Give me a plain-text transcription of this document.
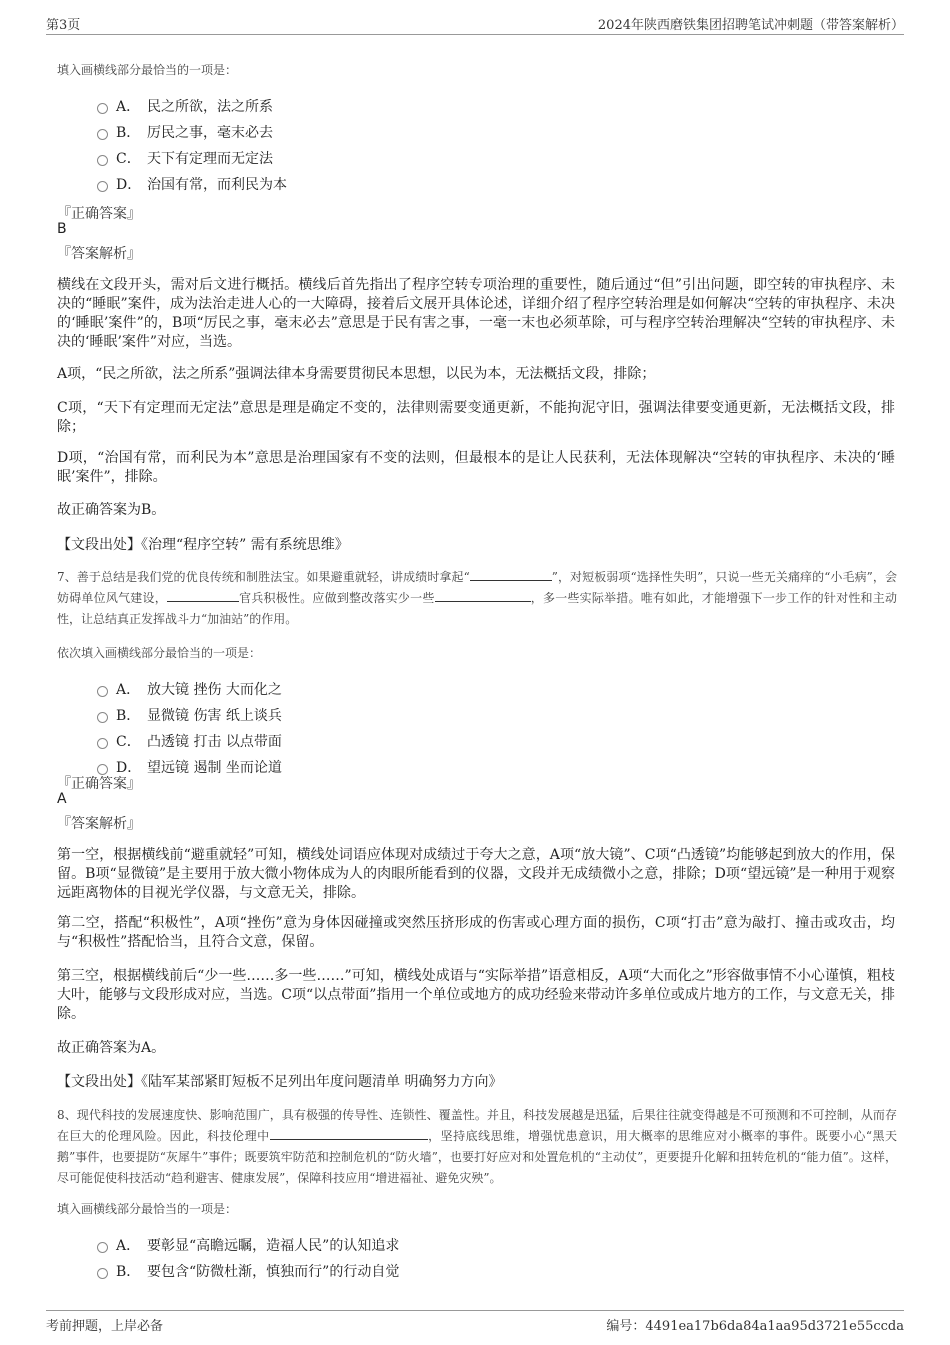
第3页	2024年陕西磨铁集团招聘笔试冲刺题（带答案解析）
填入画横线部分最恰当的一项是：
A． 民之所欲，法之所系
B． 厉民之事，毫末必去
C． 天下有定理而无定法
D． 治国有常，而利民为本
『正确答案』
B
『答案解析』
横线在文段开头，需对后文进行概括。横线后首先指出了程序空转专项治理的重要性，随后通过“但”引出问题，即空转的审执程序、未决的“睡眠”案件，成为法治走进人心的一大障碍，接着后文展开具体论述，详细介绍了程序空转治理是如何解决“空转的审执程序、未决的‘睡眠’案件”的，B项“厉民之事，毫末必去”意思是于民有害之事，一毫一末也必须革除，可与程序空转治理解决“空转的审执程序、未决的‘睡眠’案件”对应，当选。
A项，“民之所欲，法之所系”强调法律本身需要贯彻民本思想，以民为本，无法概括文段，排除；
C项，“天下有定理而无定法”意思是理是确定不变的，法律则需要变通更新，不能拘泥守旧，强调法律要变通更新，无法概括文段，排除；
D项，“治国有常，而利民为本”意思是治理国家有不变的法则，但最根本的是让人民获利，无法体现解决“空转的审执程序、未决的‘睡眠’案件”，排除。
故正确答案为B。
【文段出处】《治理“程序空转” 需有系统思维》
7、善于总结是我们党的优良传统和制胜法宝。如果避重就轻，讲成绩时拿起“	”，对短板弱项“选择性失明”，只说一些无关痛痒的“小毛病”，会妨碍单位风气建设，	官兵积极性。应做到整改落实少一些	，多一些实际举措。唯有如此，才能增强下一步工作的针对性和主动性，让总结真正发挥战斗力“加油站”的作用。
依次填入画横线部分最恰当的一项是：
A． 放大镜 挫伤 大而化之
B． 显微镜 伤害 纸上谈兵
C． 凸透镜 打击 以点带面
D． 望远镜 遏制 坐而论道
『正确答案』
A
『答案解析』
第一空，根据横线前“避重就轻”可知，横线处词语应体现对成绩过于夸大之意，A项“放大镜”、C项“凸透镜”均能够起到放大的作用，保留。B项“显微镜”是主要用于放大微小物体成为人的肉眼所能看到的仪器，文段并无成绩微小之意，排除；D项“望远镜”是一种用于观察远距离物体的目视光学仪器，与文意无关，排除。
第二空，搭配“积极性”，A项“挫伤”意为身体因碰撞或突然压挤形成的伤害或心理方面的损伤，C项“打击”意为敲打、撞击或攻击，均与“积极性”搭配恰当，且符合文意，保留。
第三空，根据横线前后“少一些……多一些……”可知，横线处成语与“实际举措”语意相反，A项“大而化之”形容做事情不小心谨慎，粗枝大叶，能够与文段形成对应，当选。C项“以点带面”指用一个单位或地方的成功经验来带动许多单位或成片地方的工作，与文意无关，排除。
故正确答案为A。
【文段出处】《陆军某部紧盯短板不足列出年度问题清单 明确努力方向》
8、现代科技的发展速度快、影响范围广，具有极强的传导性、连锁性、覆盖性。并且，科技发展越是迅猛，后果往往就变得越是不可预测和不可控制，从而存在巨大的伦理风险。因此，科技伦理中	，坚持底线思维，增强忧患意识，用大概率的思维应对小概率的事件。既要小心“黑天鹅”事件，也要提防“灰犀牛”事件；既要筑牢防范和控制危机的“防火墙”，也要打好应对和处置危机的“主动仗”，更要提升化解和扭转危机的“能力值”。这样，尽可能促使科技活动“趋利避害、健康发展”，保障科技应用“增进福祉、避免灾殃”。
填入画横线部分最恰当的一项是：
A． 要彰显“高瞻远瞩，造福人民”的认知追求
B． 要包含“防微杜渐，慎独而行”的行动自觉
考前押题，上岸必备	编号：4491ea17b6da84a1aa95d3721e55ccda
